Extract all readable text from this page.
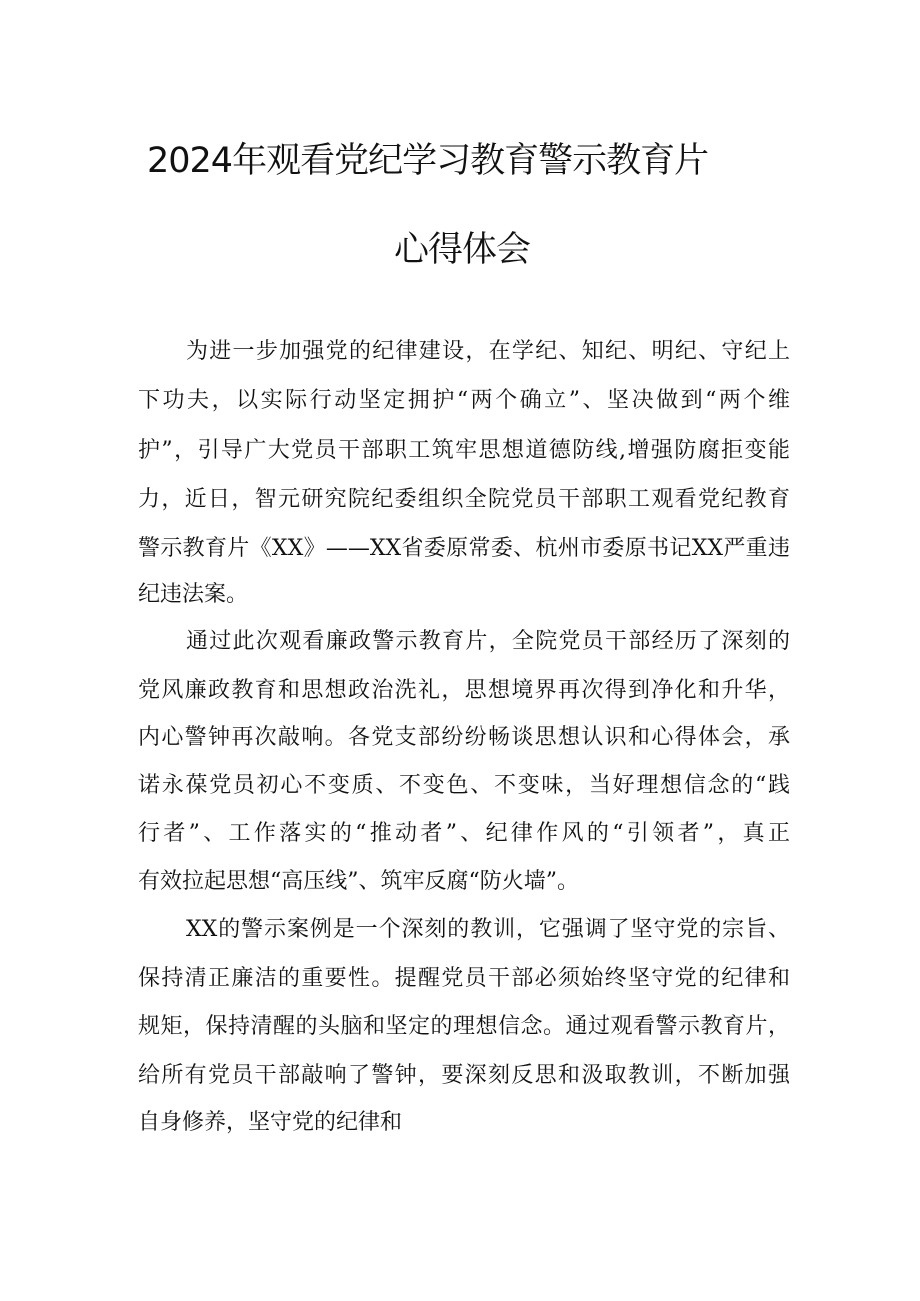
2024年观看党纪学习教育警示教育片
心得体会

为进一步加强党的纪律建设，在学纪、知纪、明纪、守纪上

下功夫，以实际行动坚定拥护“两个确立”、坚决做到“两个维

护”，引导广大党员干部职工筑牢思想道德防线,增强防腐拒变能

力，近日，智元研究院纪委组织全院党员干部职工观看党纪教育

警示教育片《XX》——XX省委原常委、杭州市委原书记XX严重违

纪违法案。

通过此次观看廉政警示教育片，全院党员干部经历了深刻的

党风廉政教育和思想政治洗礼，思想境界再次得到净化和升华，

内心警钟再次敲响。各党支部纷纷畅谈思想认识和心得体会，承

诺永葆党员初心不变质、不变色、不变味，当好理想信念的“践

行者”、工作落实的“推动者”、纪律作风的“引领者”，真正

有效拉起思想“高压线”、筑牢反腐“防火墙”。

XX的警示案例是一个深刻的教训，它强调了坚守党的宗旨、

保持清正廉洁的重要性。提醒党员干部必须始终坚守党的纪律和

规矩，保持清醒的头脑和坚定的理想信念。通过观看警示教育片，

给所有党员干部敲响了警钟，要深刻反思和汲取教训，不断加强

自身修养，坚守党的纪律和
